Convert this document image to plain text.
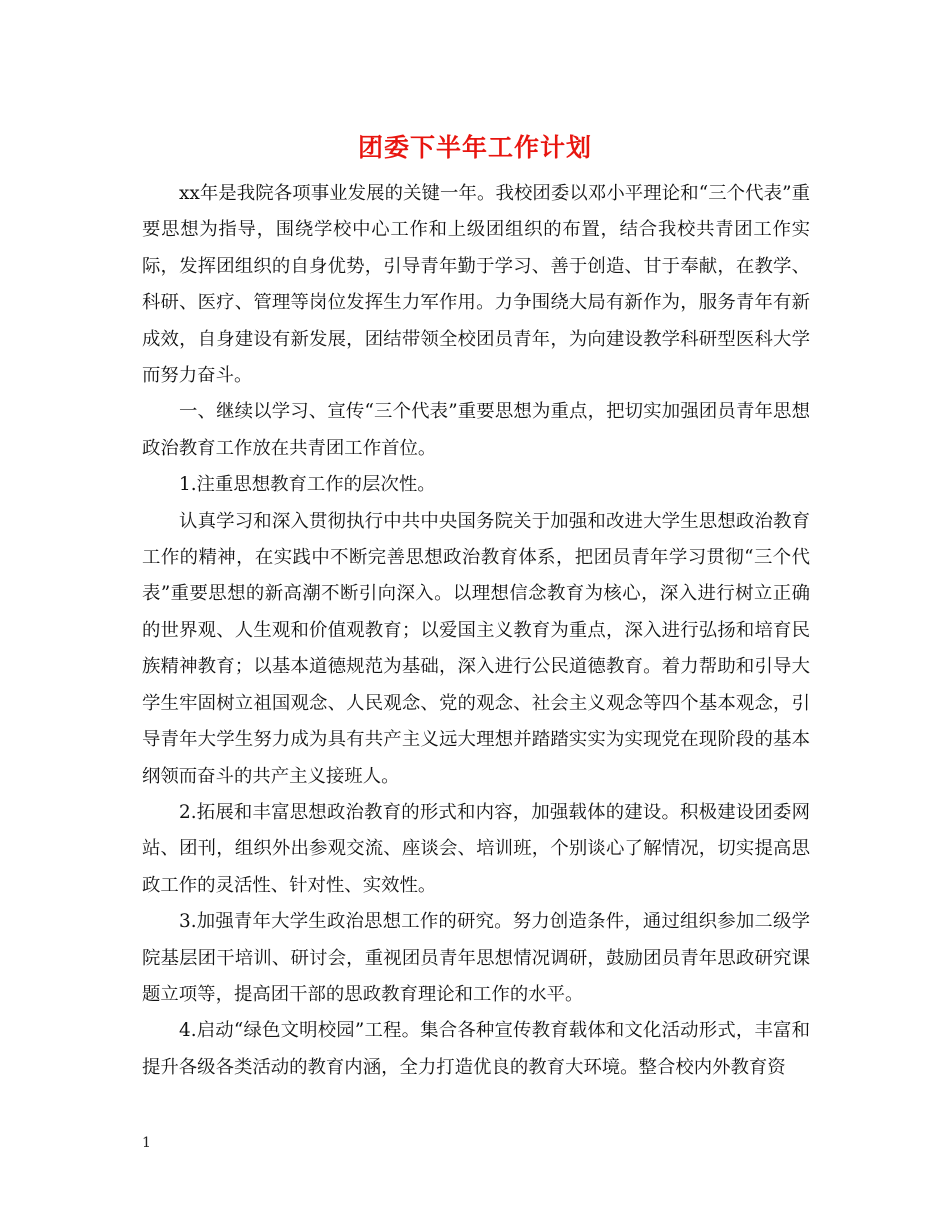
团委下半年工作计划

xx年是我院各项事业发展的关键一年。我校团委以邓小平理论和“三个代表”重要思想为指导，围绕学校中心工作和上级团组织的布置，结合我校共青团工作实际，发挥团组织的自身优势，引导青年勤于学习、善于创造、甘于奉献，在教学、科研、医疗、管理等岗位发挥生力军作用。力争围绕大局有新作为，服务青年有新成效，自身建设有新发展，团结带领全校团员青年，为向建设教学科研型医科大学而努力奋斗。

一、继续以学习、宣传“三个代表”重要思想为重点，把切实加强团员青年思想政治教育工作放在共青团工作首位。

1.注重思想教育工作的层次性。

认真学习和深入贯彻执行中共中央国务院关于加强和改进大学生思想政治教育工作的精神，在实践中不断完善思想政治教育体系，把团员青年学习贯彻“三个代表”重要思想的新高潮不断引向深入。以理想信念教育为核心，深入进行树立正确的世界观、人生观和价值观教育；以爱国主义教育为重点，深入进行弘扬和培育民族精神教育；以基本道德规范为基础，深入进行公民道德教育。着力帮助和引导大学生牢固树立祖国观念、人民观念、党的观念、社会主义观念等四个基本观念，引导青年大学生努力成为具有共产主义远大理想并踏踏实实为实现党在现阶段的基本纲领而奋斗的共产主义接班人。

2.拓展和丰富思想政治教育的形式和内容，加强载体的建设。积极建设团委网站、团刊，组织外出参观交流、座谈会、培训班，个别谈心了解情况，切实提高思政工作的灵活性、针对性、实效性。

3.加强青年大学生政治思想工作的研究。努力创造条件，通过组织参加二级学院基层团干培训、研讨会，重视团员青年思想情况调研，鼓励团员青年思政研究课题立项等，提高团干部的思政教育理论和工作的水平。

4.启动“绿色文明校园”工程。集合各种宣传教育载体和文化活动形式，丰富和提升各级各类活动的教育内涵，全力打造优良的教育大环境。整合校内外教育资

1
